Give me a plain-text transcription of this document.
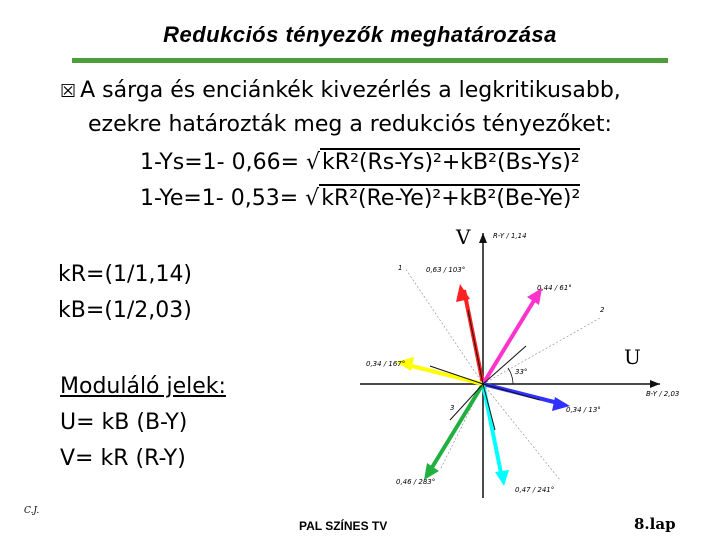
Redukciós tényezők meghatározása
☒ A sárga és enciánkék kivezérlés a legkritikusabb,
ezekre határozták meg a redukciós tényezőket:
1-Ys=1- 0,66= √kR²(Rs-Ys)²+kB²(Bs-Ys)²
1-Ye=1- 0,53= √kR²(Re-Ye)²+kB²(Be-Ye)²
kR=(1/1,14)
kB=(1/2,03)
Moduláló jelek:
U= kB (B-Y)
V= kR (R-Y)
V
U
R-Y / 1,14
B-Y / 2,03
0,63 / 103°
0,44 / 61°
0,34 / 167°
0,34 / 13°
0,46 / 283°
0,47 / 241°
1
2
3
33°
C.J.
PAL SZÍNES TV	8.lap
